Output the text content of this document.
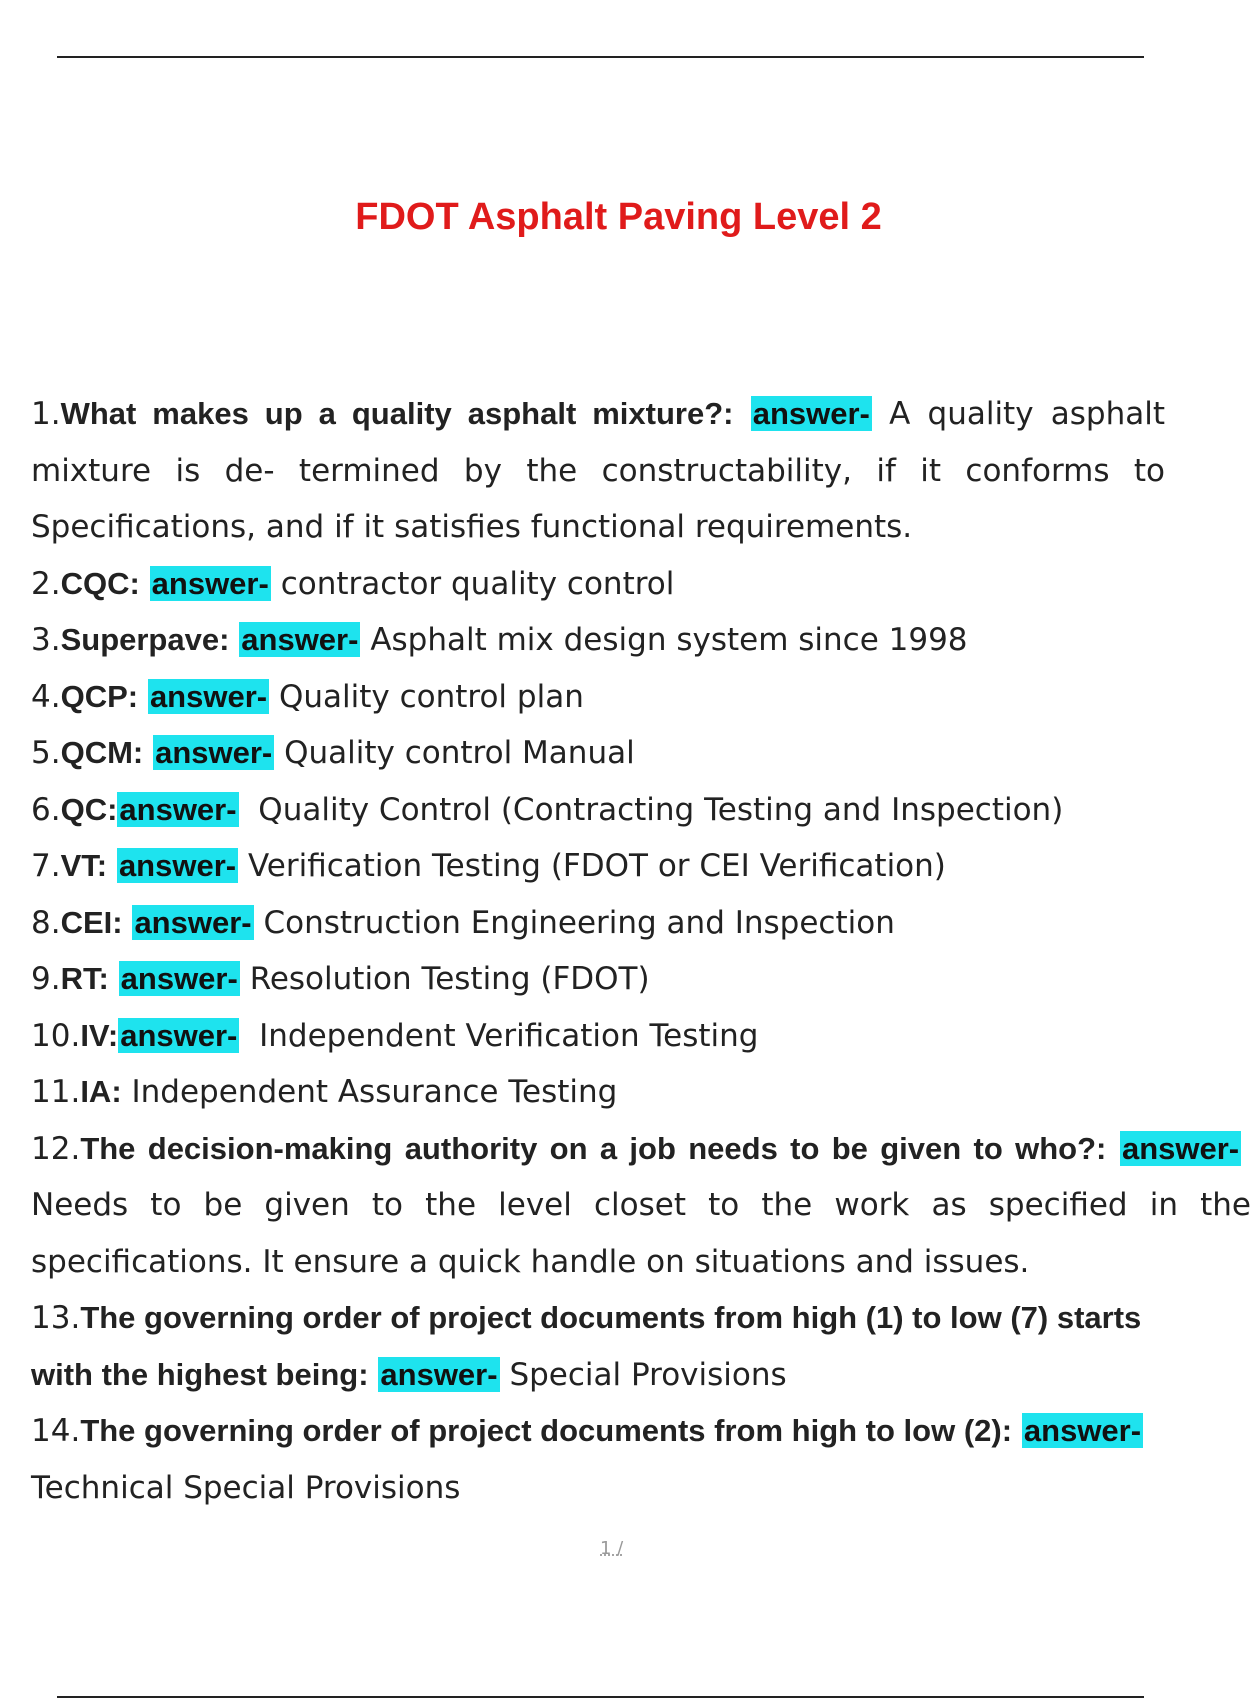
FDOT Asphalt Paving Level 2

1.What makes up a quality asphalt mixture?: answer- A quality asphalt mixture is de- termined by the constructability, if it conforms to Specifications, and if it satisfies functional requirements.

2.CQC: answer- contractor quality control

3.Superpave: answer- Asphalt mix design system since 1998

4.QCP: answer- Quality control plan

5.QCM: answer- Quality control Manual

6.QC:answer- Quality Control (Contracting Testing and Inspection)

7.VT: answer- Verification Testing (FDOT or CEI Verification)

8.CEI: answer- Construction Engineering and Inspection

9.RT: answer- Resolution Testing (FDOT)

10.IV:answer- Independent Verification Testing

11.IA: Independent Assurance Testing

12.The decision-making authority on a job needs to be given to who?: answer-  Needs to be given to the level closet to the work as specified in the specifications. It ensure a quick handle on situations and issues.

13.The governing order of project documents from high (1) to low (7) starts with the highest being: answer- Special Provisions

14.The governing order of project documents from high to low (2): answer- Technical Special Provisions

1 /
